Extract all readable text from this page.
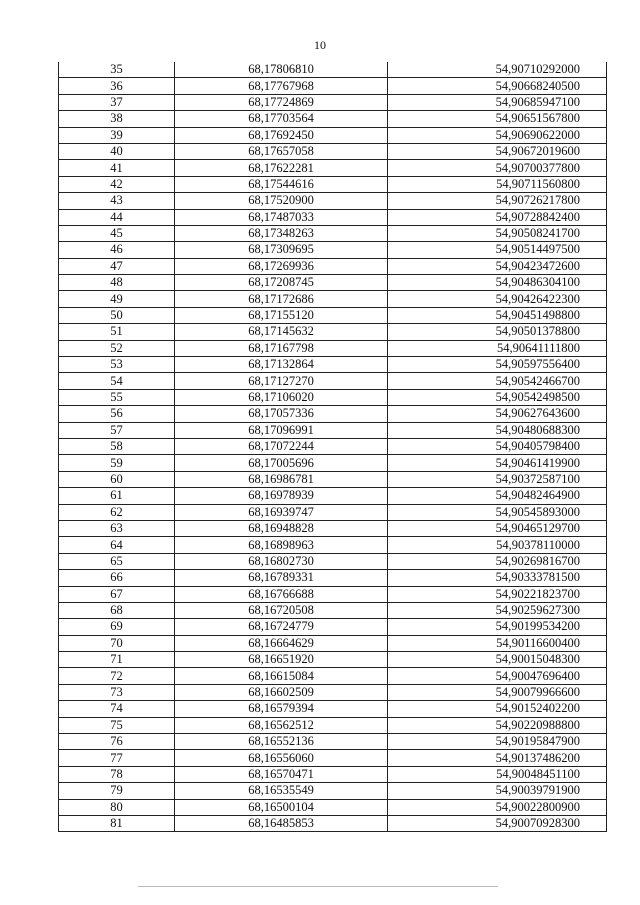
10
35	68,17806810	54,90710292000
36	68,17767968	54,90668240500
37	68,17724869	54,90685947100
38	68,17703564	54,90651567800
39	68,17692450	54,90690622000
40	68,17657058	54,90672019600
41	68,17622281	54,90700377800
42	68,17544616	54,90711560800
43	68,17520900	54,90726217800
44	68,17487033	54,90728842400
45	68,17348263	54,90508241700
46	68,17309695	54,90514497500
47	68,17269936	54,90423472600
48	68,17208745	54,90486304100
49	68,17172686	54,90426422300
50	68,17155120	54,90451498800
51	68,17145632	54,90501378800
52	68,17167798	54,90641111800
53	68,17132864	54,90597556400
54	68,17127270	54,90542466700
55	68,17106020	54,90542498500
56	68,17057336	54,90627643600
57	68,17096991	54,90480688300
58	68,17072244	54,90405798400
59	68,17005696	54,90461419900
60	68,16986781	54,90372587100
61	68,16978939	54,90482464900
62	68,16939747	54,90545893000
63	68,16948828	54,90465129700
64	68,16898963	54,90378110000
65	68,16802730	54,90269816700
66	68,16789331	54,90333781500
67	68,16766688	54,90221823700
68	68,16720508	54,90259627300
69	68,16724779	54,90199534200
70	68,16664629	54,90116600400
71	68,16651920	54,90015048300
72	68,16615084	54,90047696400
73	68,16602509	54,90079966600
74	68,16579394	54,90152402200
75	68,16562512	54,90220988800
76	68,16552136	54,90195847900
77	68,16556060	54,90137486200
78	68,16570471	54,90048451100
79	68,16535549	54,90039791900
80	68,16500104	54,90022800900
81	68,16485853	54,90070928300
